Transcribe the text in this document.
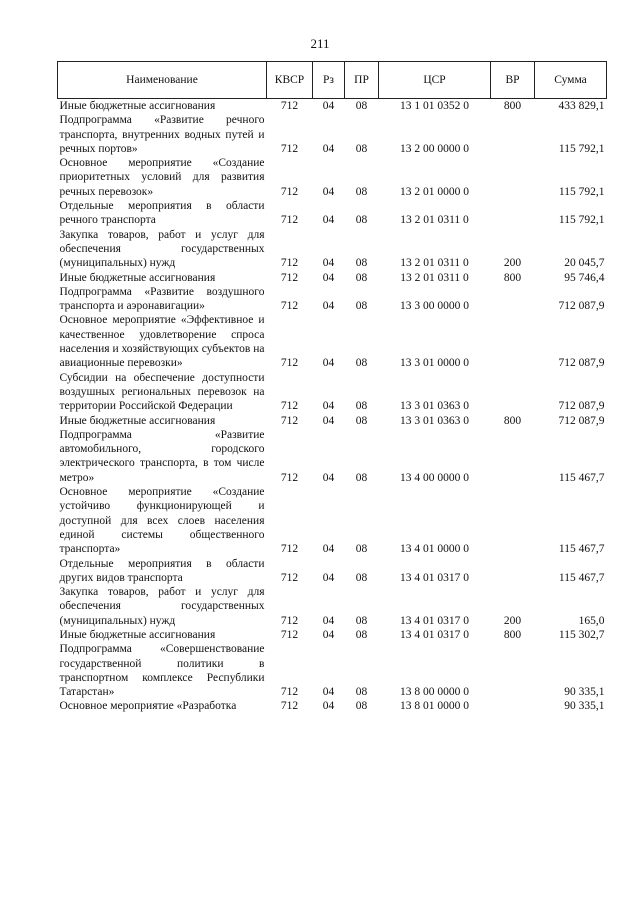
211
Наименование	КВСР	Рз	ПР	ЦСР	ВР	Сумма
Иные бюджетные ассигнования	712	04	08	13 1 01 0352 0	800	433 829,1
Подпрограмма «Развитие речного транспорта, внутренних водных путей и речных портов»	712	04	08	13 2 00 0000 0		115 792,1
Основное мероприятие «Создание приоритетных условий для развития речных перевозок»	712	04	08	13 2 01 0000 0		115 792,1
Отдельные мероприятия в области речного транспорта	712	04	08	13 2 01 0311 0		115 792,1
Закупка товаров, работ и услуг для обеспечения государственных (муниципальных) нужд	712	04	08	13 2 01 0311 0	200	20 045,7
Иные бюджетные ассигнования	712	04	08	13 2 01 0311 0	800	95 746,4
Подпрограмма «Развитие воздушного транспорта и аэронавигации»	712	04	08	13 3 00 0000 0		712 087,9
Основное мероприятие «Эффективное и качественное удовлетворение спроса населения и хозяйствующих субъектов на авиационные перевозки»	712	04	08	13 3 01 0000 0		712 087,9
Субсидии на обеспечение доступности воздушных региональных перевозок на территории Российской Федерации	712	04	08	13 3 01 0363 0		712 087,9
Иные бюджетные ассигнования	712	04	08	13 3 01 0363 0	800	712 087,9
Подпрограмма «Развитие автомобильного, городского электрического транспорта, в том числе метро»	712	04	08	13 4 00 0000 0		115 467,7
Основное мероприятие «Создание устойчиво функционирующей и доступной для всех слоев населения единой системы общественного транспорта»	712	04	08	13 4 01 0000 0		115 467,7
Отдельные мероприятия в области других видов транспорта	712	04	08	13 4 01 0317 0		115 467,7
Закупка товаров, работ и услуг для обеспечения государственных (муниципальных) нужд	712	04	08	13 4 01 0317 0	200	165,0
Иные бюджетные ассигнования	712	04	08	13 4 01 0317 0	800	115 302,7
Подпрограмма «Совершенствование государственной политики в транспортном комплексе Республики Татарстан»	712	04	08	13 8 00 0000 0		90 335,1
Основное мероприятие «Разработка	712	04	08	13 8 01 0000 0		90 335,1
